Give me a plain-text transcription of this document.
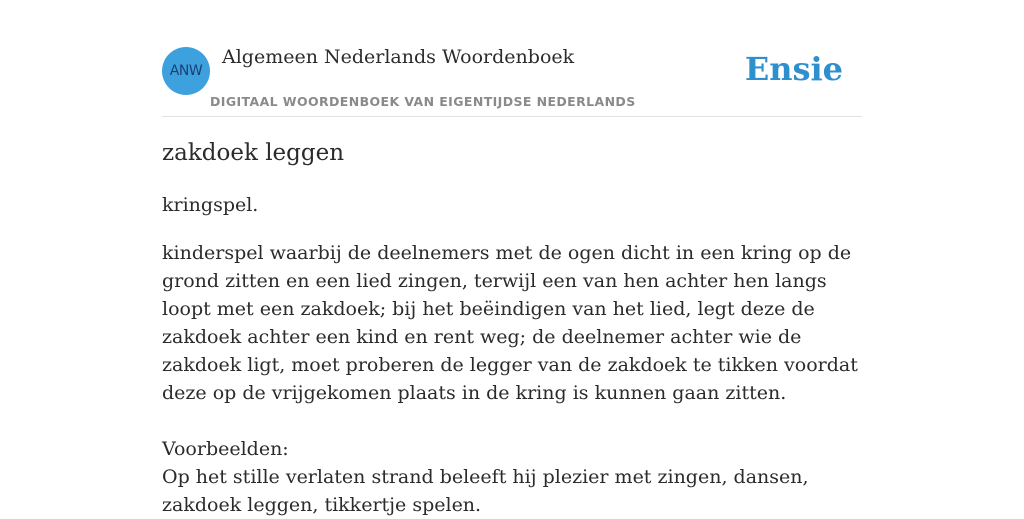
ANW
Algemeen Nederlands Woordenboek
DIGITAAL WOORDENBOEK VAN EIGENTIJDSE NEDERLANDS
Ensie
zakdoek leggen
kringspel.

kinderspel waarbij de deelnemers met de ogen dicht in een kring op de grond zitten en een lied zingen, terwijl een van hen achter hen langs loopt met een zakdoek; bij het beëindigen van het lied, legt deze de zakdoek achter een kind en rent weg; de deelnemer achter wie de zakdoek ligt, moet proberen de legger van de zakdoek te tikken voordat deze op de vrijgekomen plaats in de kring is kunnen gaan zitten.

Voorbeelden:

Op het stille verlaten strand beleeft hij plezier met zingen, dansen, zakdoek leggen, tikkertje spelen.
